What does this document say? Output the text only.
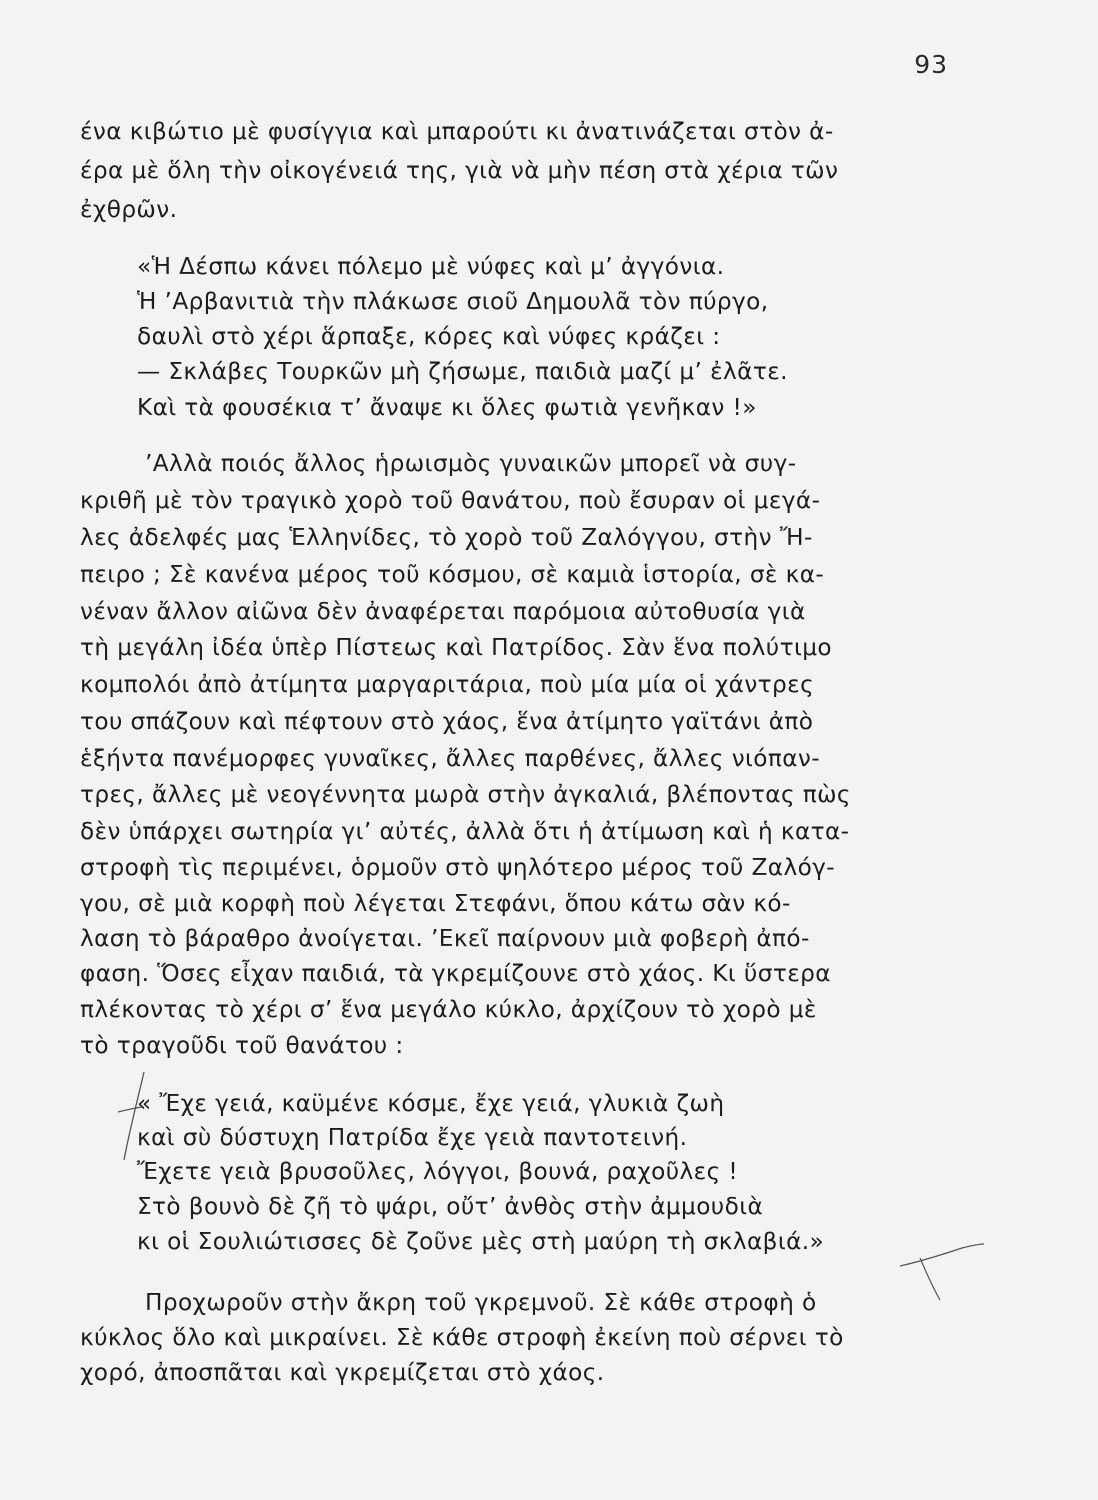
93
ένα κιβώτιο μὲ φυσίγγια καὶ μπαρούτι κι ἀνατινάζεται στὸν ἀ-
έρα μὲ ὅλη τὴν οἰκογένειά της, γιὰ νὰ μὴν πέση στὰ χέρια τῶν
ἐχθρῶν.
«Ἡ Δέσπω κάνει πόλεμο μὲ νύφες καὶ μ’ ἀγγόνια.
Ἡ ’Αρβανιτιὰ τὴν πλάκωσε σιοῦ Δημουλᾶ τὸν πύργο,
δαυλὶ στὸ χέρι ἅρπαξε, κόρες καὶ νύφες κράζει :
— Σκλάβες Τουρκῶν μὴ ζήσωμε, παιδιὰ μαζί μ’ ἐλᾶτε.
Καὶ τὰ φουσέκια τ’ ἄναψε κι ὅλες φωτιὰ γενῆκαν !»
’Αλλὰ ποιός ἄλλος ἡρωισμὸς γυναικῶν μπορεῖ νὰ συγ-
κριθῆ μὲ τὸν τραγικὸ χορὸ τοῦ θανάτου, ποὺ ἔσυραν οἱ μεγά-
λες ἀδελφές μας Ἑλληνίδες, τὸ χορὸ τοῦ Ζαλόγγου, στὴν Ἤ-
πειρο ; Σὲ κανένα μέρος τοῦ κόσμου, σὲ καμιὰ ἱστορία, σὲ κα-
νέναν ἄλλον αἰῶνα δὲν ἀναφέρεται παρόμοια αὐτοθυσία γιὰ
τὴ μεγάλη ἰδέα ὑπὲρ Πίστεως καὶ Πατρίδος. Σὰν ἕνα πολύτιμο
κομπολόι ἀπὸ ἀτίμητα μαργαριτάρια, ποὺ μία μία οἱ χάντρες
του σπάζουν καὶ πέφτουν στὸ χάος, ἕνα ἀτίμητο γαϊτάνι ἀπὸ
ἑξήντα πανέμορφες γυναῖκες, ἄλλες παρθένες, ἄλλες νιόπαν-
τρες, ἄλλες μὲ νεογέννητα μωρὰ στὴν ἀγκαλιά, βλέποντας πὼς
δὲν ὑπάρχει σωτηρία γι’ αὐτές, ἀλλὰ ὅτι ἡ ἀτίμωση καὶ ἡ κατα-
στροφὴ τὶς περιμένει, ὁρμοῦν στὸ ψηλότερο μέρος τοῦ Ζαλόγ-
γου, σὲ μιὰ κορφὴ ποὺ λέγεται Στεφάνι, ὅπου κάτω σὰν κό-
λαση τὸ βάραθρο ἀνοίγεται. ’Εκεῖ παίρνουν μιὰ φοβερὴ ἀπό-
φαση. Ὅσες εἶχαν παιδιά, τὰ γκρεμίζουνε στὸ χάος. Κι ὕστερα
πλέκοντας τὸ χέρι σ’ ἕνα μεγάλο κύκλο, ἀρχίζουν τὸ χορὸ μὲ
τὸ τραγοῦδι τοῦ θανάτου :
« Ἔχε γειά, καϋμένε κόσμε, ἔχε γειά, γλυκιὰ ζωὴ
καὶ σὺ δύστυχη Πατρίδα ἔχε γειὰ παντοτεινή.
Ἔχετε γειὰ βρυσοῦλες, λόγγοι, βουνά, ραχοῦλες !
Στὸ βουνὸ δὲ ζῆ τὸ ψάρι, οὔτ’ ἀνθὸς στὴν ἀμμουδιὰ
κι οἱ Σουλιώτισσες δὲ ζοῦνε μὲς στὴ μαύρη τὴ σκλαβιά.»
Προχωροῦν στὴν ἄκρη τοῦ γκρεμνοῦ. Σὲ κάθε στροφὴ ὁ
κύκλος ὅλο καὶ μικραίνει. Σὲ κάθε στροφὴ ἐκείνη ποὺ σέρνει τὸ
χορό, ἀποσπᾶται καὶ γκρεμίζεται στὸ χάος.
